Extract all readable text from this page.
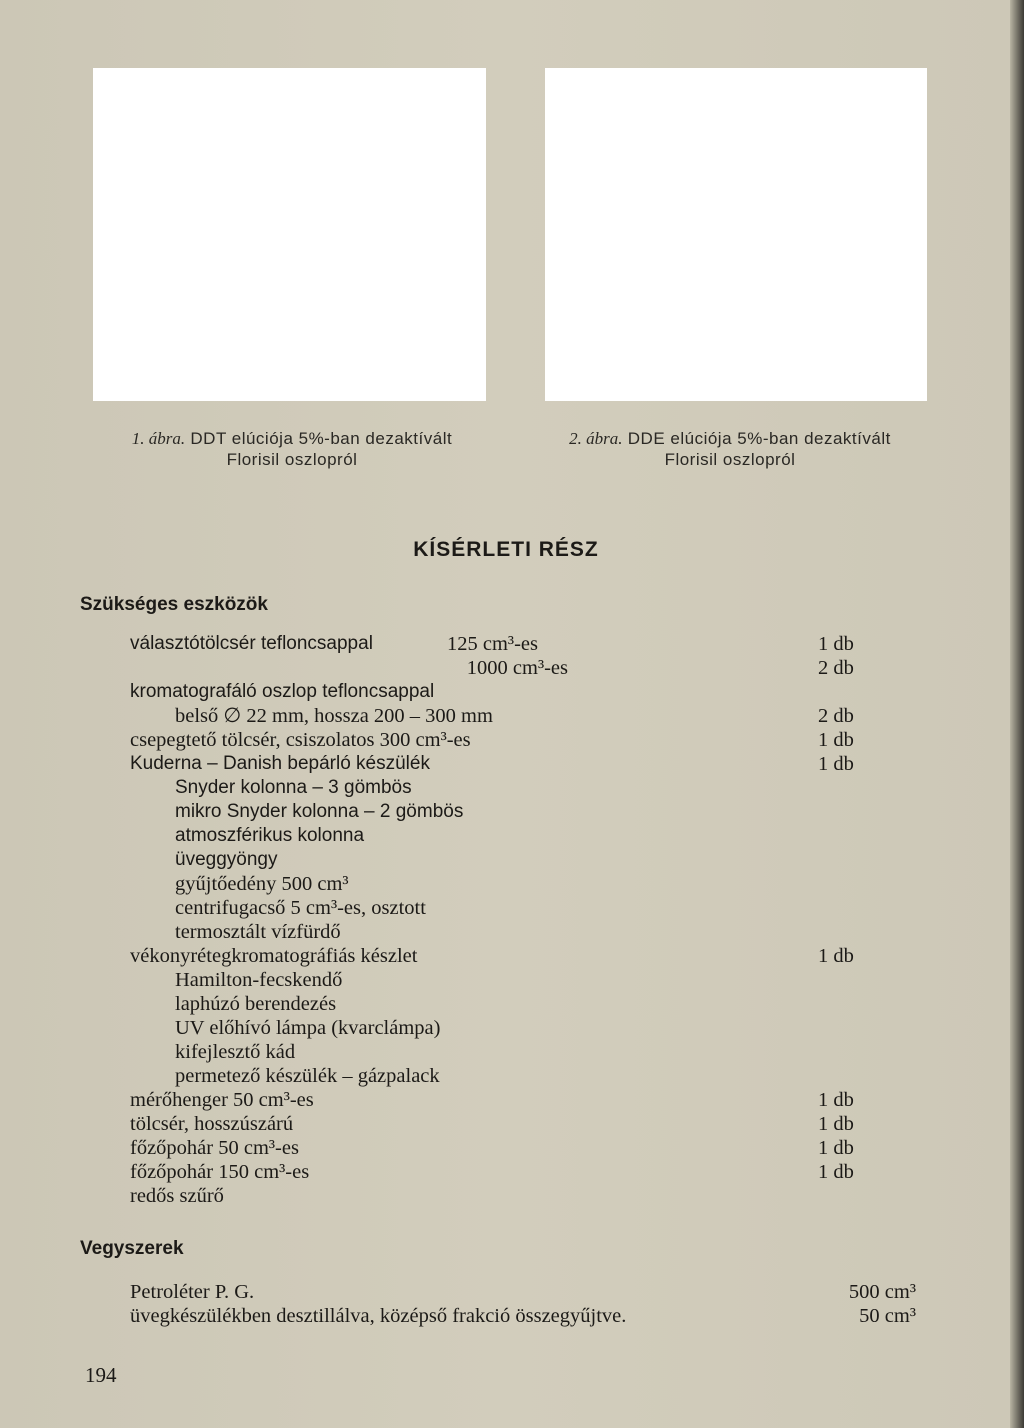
1. ábra. DDT elúciója 5%-ban dezaktívált
Florisil oszlopról
2. ábra. DDE elúciója 5%-ban dezaktívált
Florisil oszlopról
KÍSÉRLETI RÉSZ
Szükséges eszközök
választótölcsér tefloncsappal	125 cm³-es	1 db
1000 cm³-es	2 db
kromatografáló oszlop tefloncsappal
belső ∅ 22 mm, hossza 200 – 300 mm	2 db
csepegtető tölcsér, csiszolatos 300 cm³-es	1 db
Kuderna – Danish bepárló készülék	1 db
Snyder kolonna – 3 gömbös
mikro Snyder kolonna – 2 gömbös
atmoszférikus kolonna
üveggyöngy
gyűjtőedény 500 cm³
centrifugacső 5 cm³-es, osztott
termosztált vízfürdő
vékonyrétegkromatográfiás készlet	1 db
Hamilton-fecskendő
laphúzó berendezés
UV előhívó lámpa (kvarclámpa)
kifejlesztő kád
permetező készülék – gázpalack
mérőhenger 50 cm³-es	1 db
tölcsér, hosszúszárú	1 db
főzőpohár 50 cm³-es	1 db
főzőpohár 150 cm³-es	1 db
redős szűrő
Vegyszerek
Petroléter P. G.	500 cm³
üvegkészülékben desztillálva, középső frakció összegyűjtve.	50 cm³
194
